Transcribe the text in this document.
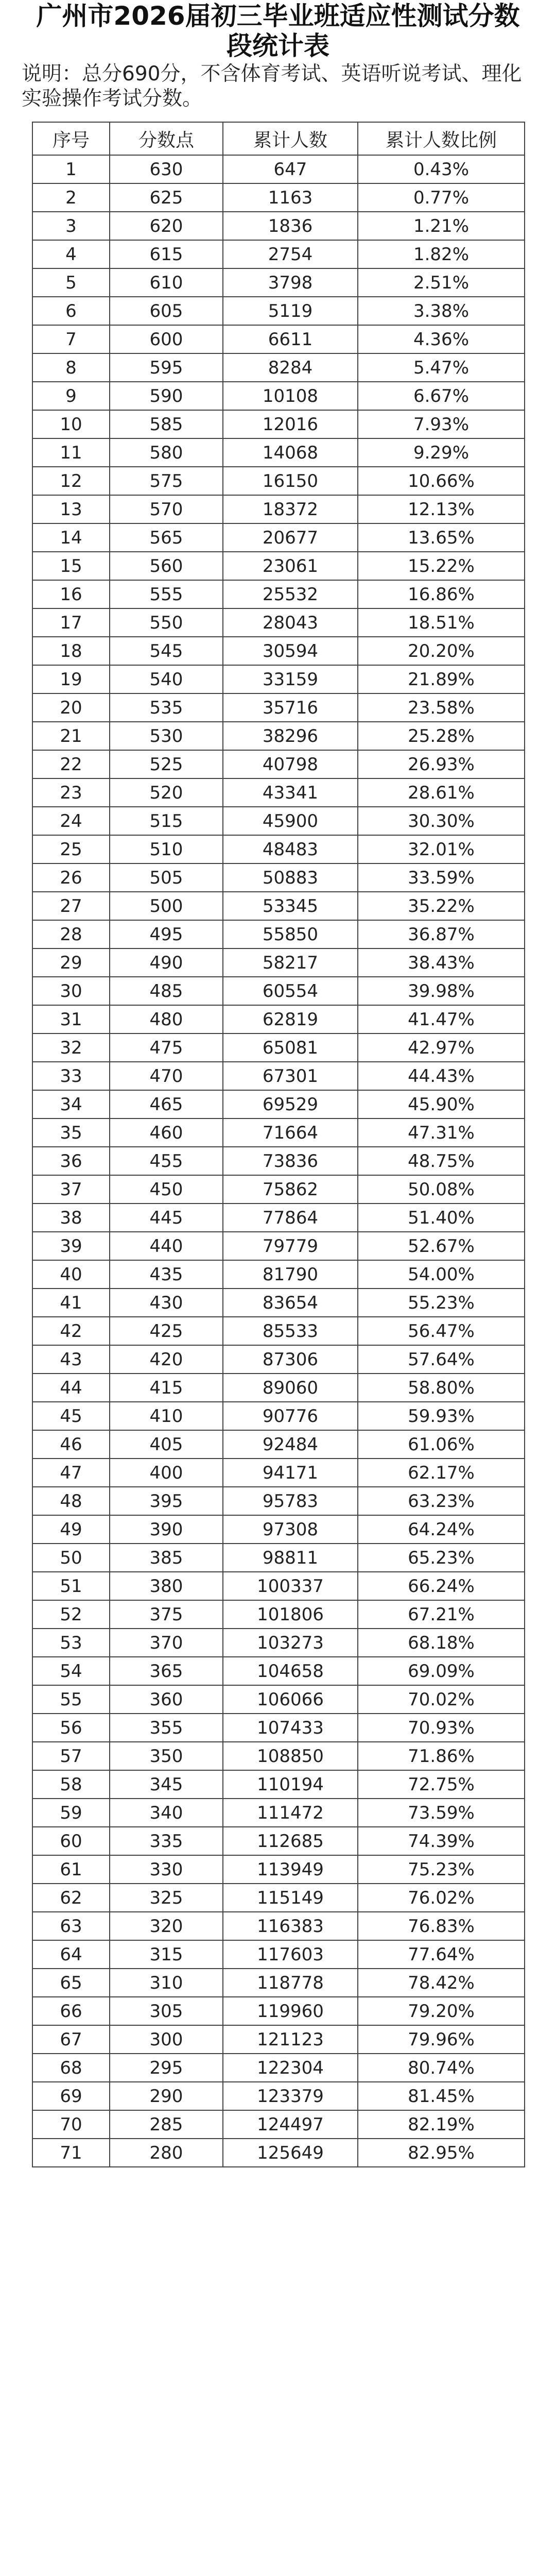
广州市2026届初三毕业班适应性测试分数段统计表

说明：总分690分，不含体育考试、英语听说考试、理化实验操作考试分数。

序号	分数点	累计人数	累计人数比例
1	630	647	0.43%
2	625	1163	0.77%
3	620	1836	1.21%
4	615	2754	1.82%
5	610	3798	2.51%
6	605	5119	3.38%
7	600	6611	4.36%
8	595	8284	5.47%
9	590	10108	6.67%
10	585	12016	7.93%
11	580	14068	9.29%
12	575	16150	10.66%
13	570	18372	12.13%
14	565	20677	13.65%
15	560	23061	15.22%
16	555	25532	16.86%
17	550	28043	18.51%
18	545	30594	20.20%
19	540	33159	21.89%
20	535	35716	23.58%
21	530	38296	25.28%
22	525	40798	26.93%
23	520	43341	28.61%
24	515	45900	30.30%
25	510	48483	32.01%
26	505	50883	33.59%
27	500	53345	35.22%
28	495	55850	36.87%
29	490	58217	38.43%
30	485	60554	39.98%
31	480	62819	41.47%
32	475	65081	42.97%
33	470	67301	44.43%
34	465	69529	45.90%
35	460	71664	47.31%
36	455	73836	48.75%
37	450	75862	50.08%
38	445	77864	51.40%
39	440	79779	52.67%
40	435	81790	54.00%
41	430	83654	55.23%
42	425	85533	56.47%
43	420	87306	57.64%
44	415	89060	58.80%
45	410	90776	59.93%
46	405	92484	61.06%
47	400	94171	62.17%
48	395	95783	63.23%
49	390	97308	64.24%
50	385	98811	65.23%
51	380	100337	66.24%
52	375	101806	67.21%
53	370	103273	68.18%
54	365	104658	69.09%
55	360	106066	70.02%
56	355	107433	70.93%
57	350	108850	71.86%
58	345	110194	72.75%
59	340	111472	73.59%
60	335	112685	74.39%
61	330	113949	75.23%
62	325	115149	76.02%
63	320	116383	76.83%
64	315	117603	77.64%
65	310	118778	78.42%
66	305	119960	79.20%
67	300	121123	79.96%
68	295	122304	80.74%
69	290	123379	81.45%
70	285	124497	82.19%
71	280	125649	82.95%
